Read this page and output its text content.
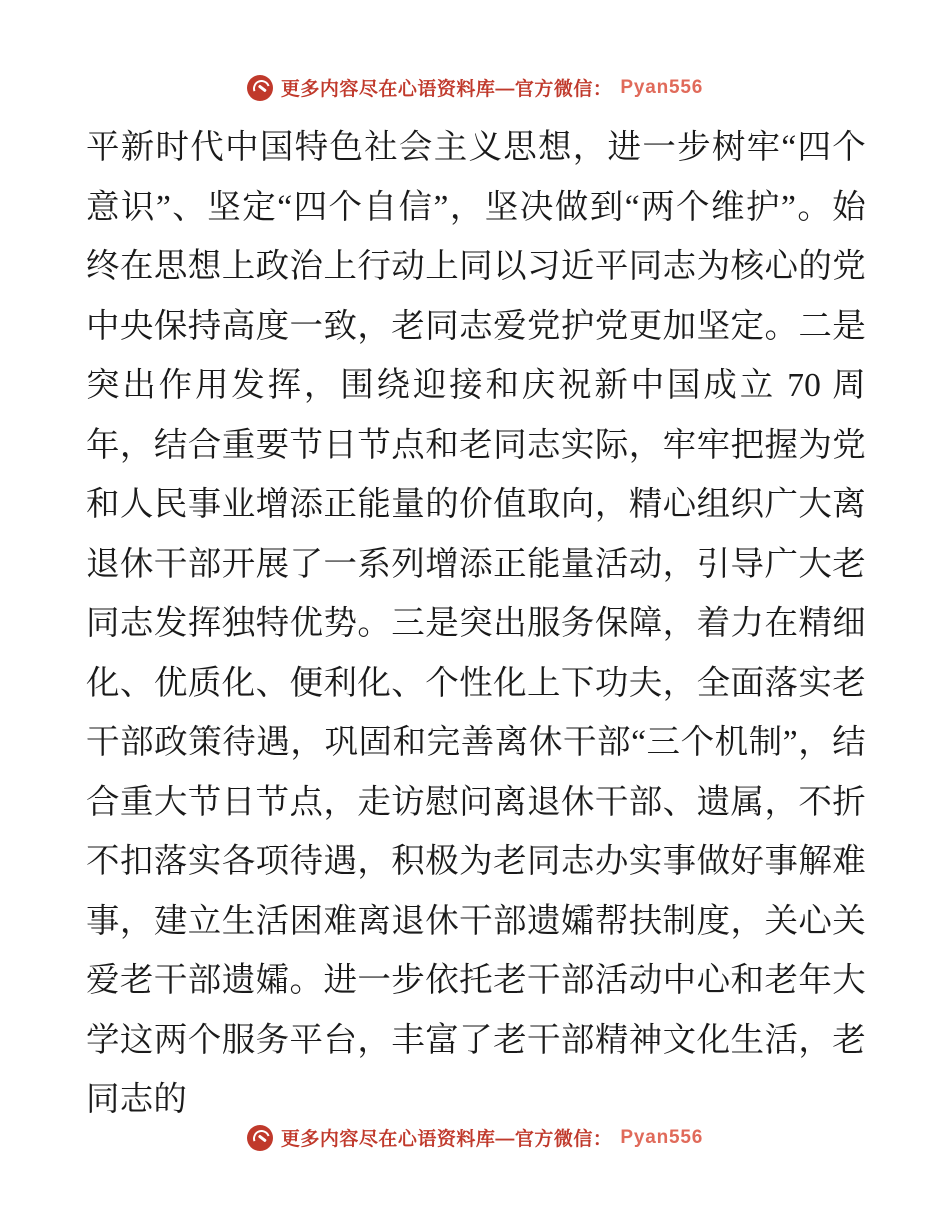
更多内容尽在心语资料库—官方微信： Pyan556
平新时代中国特色社会主义思想，进一步树牢“四个意识”、坚定“四个自信”，坚决做到“两个维护”。始终在思想上政治上行动上同以习近平同志为核心的党中央保持高度一致，老同志爱党护党更加坚定。二是突出作用发挥，围绕迎接和庆祝新中国成立 70 周年，结合重要节日节点和老同志实际，牢牢把握为党和人民事业增添正能量的价值取向，精心组织广大离退休干部开展了一系列增添正能量活动，引导广大老同志发挥独特优势。三是突出服务保障，着力在精细化、优质化、便利化、个性化上下功夫，全面落实老干部政策待遇，巩固和完善离休干部“三个机制”，结合重大节日节点，走访慰问离退休干部、遗属，不折不扣落实各项待遇，积极为老同志办实事做好事解难事，建立生活困难离退休干部遗孀帮扶制度，关心关爱老干部遗孀。进一步依托老干部活动中心和老年大学这两个服务平台，丰富了老干部精神文化生活，老同志的
更多内容尽在心语资料库—官方微信： Pyan556
